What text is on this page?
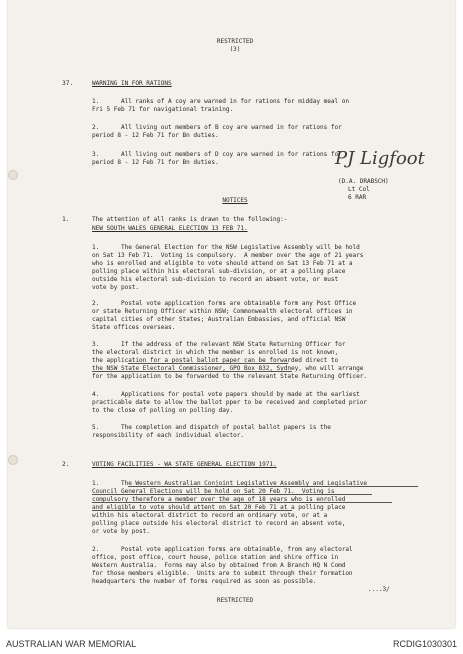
RESTRICTED
(3)
37.	WARNING IN FOR RATIONS
1.      All ranks of A coy are warned in for rations for midday meal on
Fri 5 Feb 71 for navigational training.
2.      All living out members of B coy are warned in for rations for
period 8 - 12 Feb 71 for Bn duties.
3.      All living out members of D coy are warned in for rations for
period 8 - 12 Feb 71 for Bn duties.	PJ Ligfoot
(D.A. DRABSCH)
Lt Col
6 RAR
NOTICES
1.	The attention of all ranks is drawn to the following:-
NEW SOUTH WALES GENERAL ELECTION 13 FEB 71.
1.      The General Election for the NSW Legislative Assembly will be hold
on Sat 13 Feb 71.  Voting is compulsory.  A member over the age of 21 years
who is enrolled and eligible to vote should attend on Sat 13 Feb 71 at a
polling place within his electoral sub-division, or at a polling place
outside his electoral sub-division to record an absent vote, or must
vote by post.
2.      Postal vote application forms are obtainable form any Post Office
or state Returning Officer within NSW; Commonwealth electoral offices in
capital cities of other States; Australian Embassies, and official NSW
State offices overseas.
3.      If the address of the relevant NSW State Returning Officer for
the electoral district in which the member is enrolled is not known,
the application for a postal ballot paper can be forwarded direct to
the NSW State Electoral Commissioner, GPO Box 832, Sydney, who will arrange
for the application to be forwarded to the relevant State Returning Officer.
4.      Applications for postal vote papers should by made at the earliest
practicable date to allow the ballot pper to be received and completed prior
to the close of polling on polling day.
5.      The completion and dispatch of postal ballot papers is the
responsibility of each individual elector.
2.	VOTING FACILITIES - WA STATE GENERAL ELECTION 1971.
1.      The Western Australian Conjoint Legislative Assembly and Legislative
Council General Elections will be hold on Sat 20 Feb 71.  Voting is
compulsory therefore a member over the age of 18 years who is enrolled
and eligible to vote should attent on Sat 20 Feb 71 at a polling place
within his electoral district to record an ordinary vote, or at a
polling place outside his electoral district to record an absent vote,
or vote by post.
2.      Postal vote application forms are obtainable, from any electoral
office, post office, court house, police station and shire office in
Western Australia.  Forms may also by obtained from A Branch HQ N Comd
for those members eligible.  Units are to submit through their formation
headquarters the number of forms required as soon as possible.
....3/
RESTRICTED
AUSTRALIAN WAR MEMORIAL	RCDIG1030301
